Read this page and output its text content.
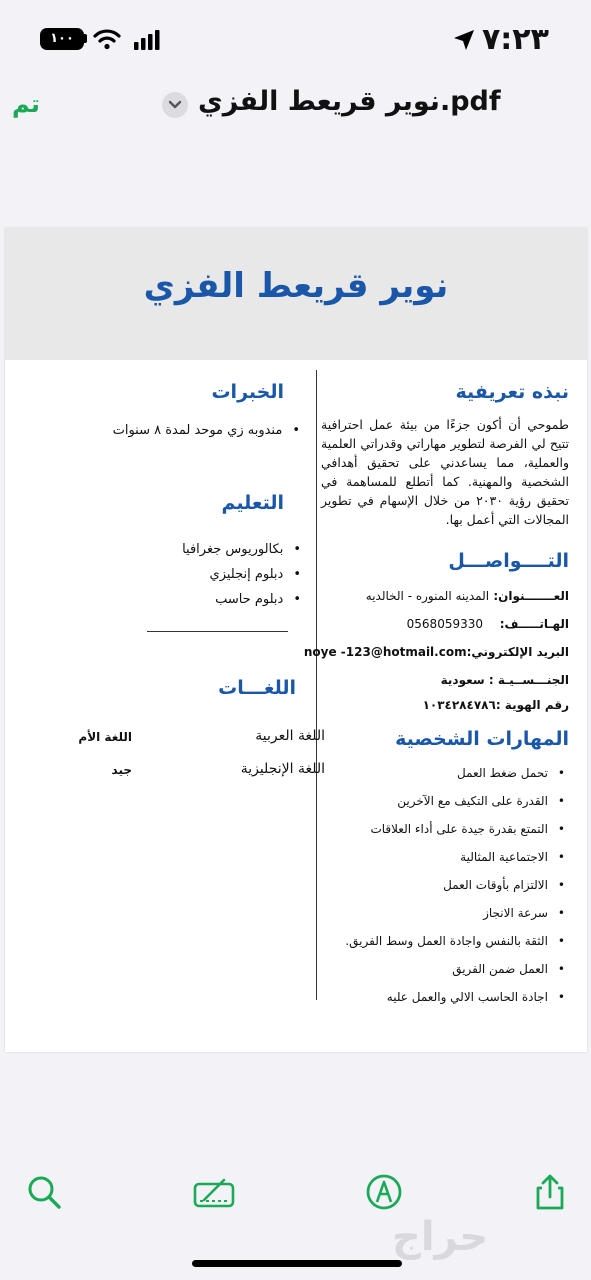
١٠٠	٧:٢٣
تم	نوير قريعط الفزي.pdf
نوير قريعط الفزي
نبذه تعريفية
طموحي أن أكون جزءًا من بيئة عمل احترافية تتيح لي الفرصة لتطوير مهاراتي وقدراتي العلمية والعملية، مما يساعدني على تحقيق أهدافي الشخصية والمهنية. كما أتطلع للمساهمة في تحقيق رؤية ٢٠٣٠ من خلال الإسهام في تطوير المجالات التي أعمل بها.
التــــواصـــل
العـــــــنوان: المدينه المنوره - الخالديه
الهـاتـــــف:    0568059330
البريد الإلكتروني:noye -123@hotmail.com
الجنـــســيـة : سعودية
رقم الهوية :١٠٣٤٢٨٤٧٨٦
المهارات الشخصية
• تحمل ضغط العمل
• القدرة على التكيف مع الآخرين
• التمتع بقدرة جيدة على أداء العلاقات
• الاجتماعية المثالية
• الالتزام بأوقات العمل
• سرعة الانجاز
• الثقة بالنفس واجادة العمل وسط الفريق.
• العمل ضمن الفريق
• اجادة الحاسب الالي والعمل عليه
الخبرات
• مندوبه زي موحد لمدة ٨ سنوات
التعليم
• بكالوريوس جغرافيا
• دبلوم إنجليزي
• دبلوم حاسب
اللغـــات
اللغة العربية
اللغة الأم
اللغة الإنجليزية
جيد
حراج
